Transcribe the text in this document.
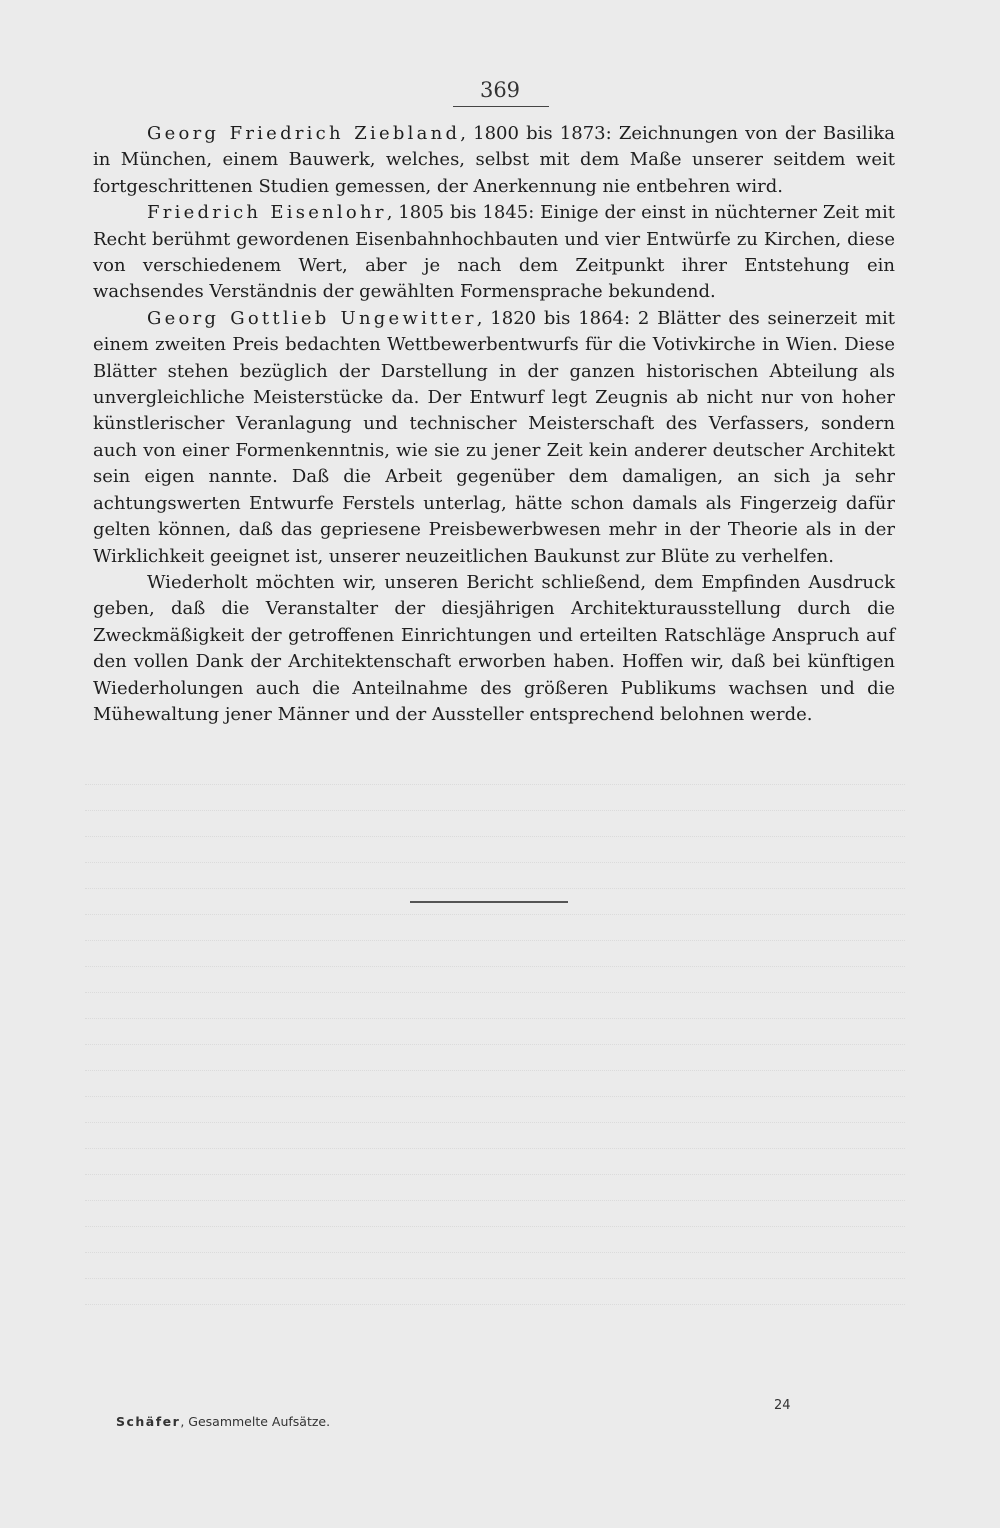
369

Georg Friedrich Ziebland, 1800 bis 1873: Zeichnungen von der Basilika in München, einem Bauwerk, welches, selbst mit dem Maße unserer seitdem weit fortgeschrittenen Studien gemessen, der Anerkennung nie entbehren wird.

Friedrich Eisenlohr, 1805 bis 1845: Einige der einst in nüchterner Zeit mit Recht berühmt gewordenen Eisenbahnhochbauten und vier Entwürfe zu Kirchen, diese von verschiedenem Wert, aber je nach dem Zeitpunkt ihrer Entstehung ein wachsendes Verständnis der gewählten Formensprache bekundend.

Georg Gottlieb Ungewitter, 1820 bis 1864: 2 Blätter des seinerzeit mit einem zweiten Preis bedachten Wettbewerbentwurfs für die Votivkirche in Wien. Diese Blätter stehen bezüglich der Darstellung in der ganzen historischen Abteilung als unvergleichliche Meisterstücke da. Der Entwurf legt Zeugnis ab nicht nur von hoher künstlerischer Veranlagung und technischer Meisterschaft des Verfassers, sondern auch von einer Formenkenntnis, wie sie zu jener Zeit kein anderer deutscher Architekt sein eigen nannte. Daß die Arbeit gegenüber dem damaligen, an sich ja sehr achtungswerten Entwurfe Ferstels unterlag, hätte schon damals als Fingerzeig dafür gelten können, daß das gepriesene Preisbewerbwesen mehr in der Theorie als in der Wirklichkeit geeignet ist, unserer neuzeitlichen Baukunst zur Blüte zu verhelfen.

Wiederholt möchten wir, unseren Bericht schließend, dem Empfinden Ausdruck geben, daß die Veranstalter der diesjährigen Architekturausstellung durch die Zweckmäßigkeit der getroffenen Einrichtungen und erteilten Ratschläge Anspruch auf den vollen Dank der Architektenschaft erworben haben. Hoffen wir, daß bei künftigen Wiederholungen auch die Anteilnahme des größeren Publikums wachsen und die Mühewaltung jener Männer und der Aussteller entsprechend belohnen werde.

Schäfer, Gesammelte Aufsätze.
24
